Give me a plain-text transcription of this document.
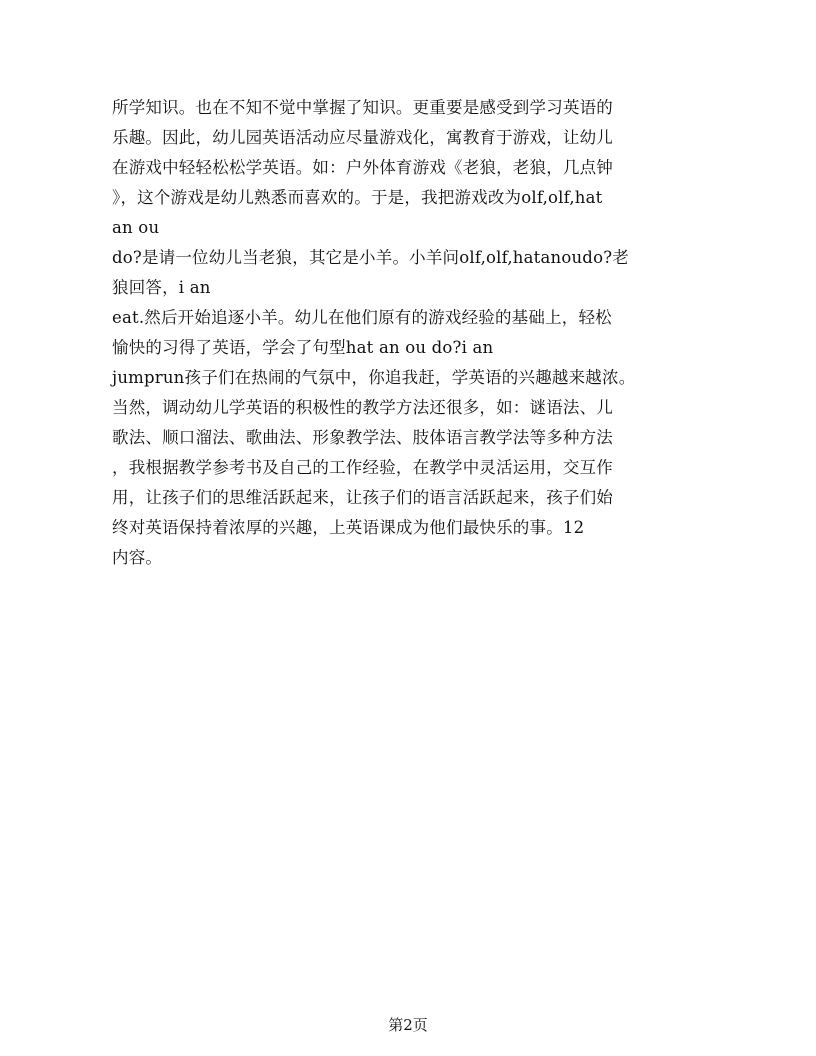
所学知识。也在不知不觉中掌握了知识。更重要是感受到学习英语的
乐趣。因此，幼儿园英语活动应尽量游戏化，寓教育于游戏，让幼儿
在游戏中轻轻松松学英语。如：户外体育游戏《老狼，老狼，几点钟
》，这个游戏是幼儿熟悉而喜欢的。于是，我把游戏改为olf,olf,hat
an ou
do?是请一位幼儿当老狼，其它是小羊。小羊问olf,olf,hatanoudo?老
狼回答，i an
eat.然后开始追逐小羊。幼儿在他们原有的游戏经验的基础上，轻松
愉快的习得了英语，学会了句型hat an ou do?i an
jumprun孩子们在热闹的气氛中，你追我赶，学英语的兴趣越来越浓。
当然，调动幼儿学英语的积极性的教学方法还很多，如：谜语法、儿
歌法、顺口溜法、歌曲法、形象教学法、肢体语言教学法等多种方法
，我根据教学参考书及自己的工作经验，在教学中灵活运用，交互作
用，让孩子们的思维活跃起来，让孩子们的语言活跃起来，孩子们始
终对英语保持着浓厚的兴趣，上英语课成为他们最快乐的事。12
内容。
第2页
